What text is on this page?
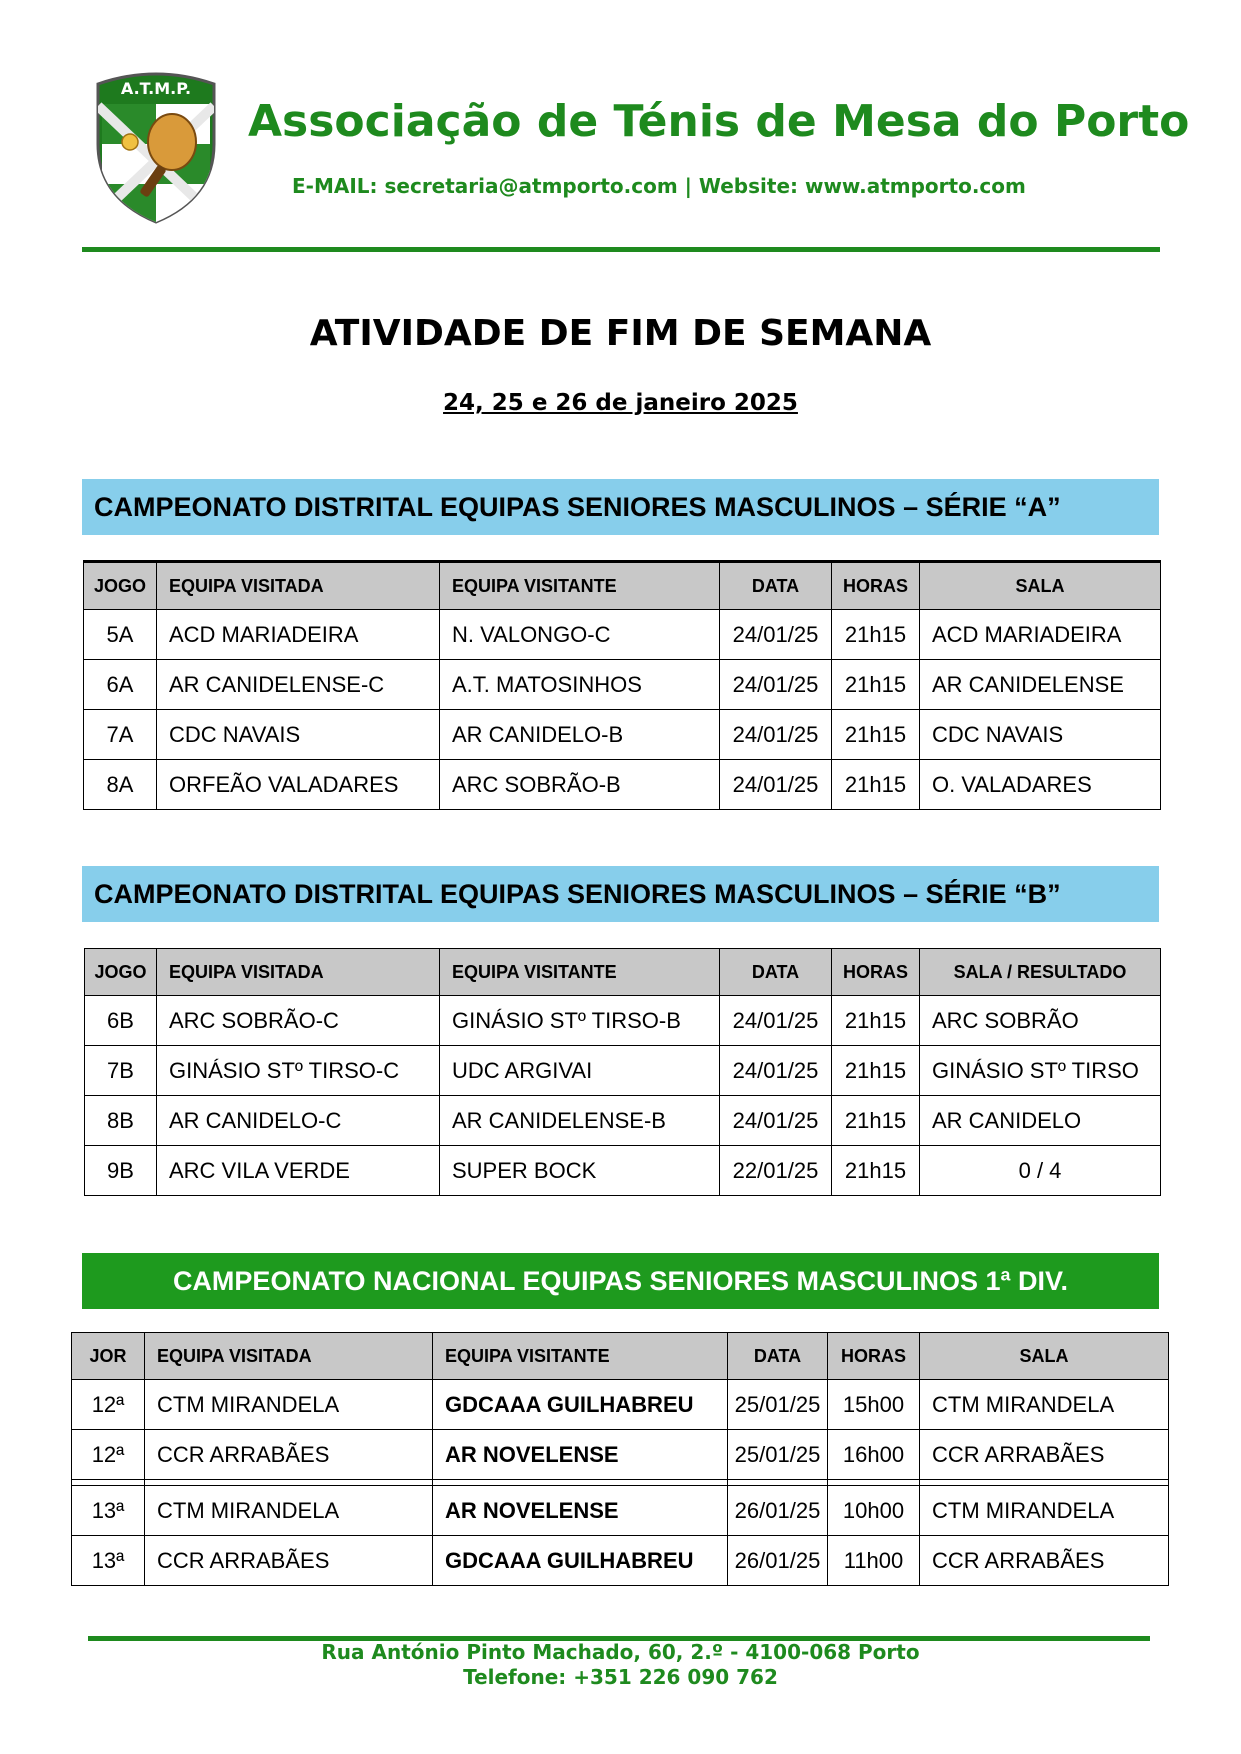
A.T.M.P.
Associação de Ténis de Mesa do Porto
E-MAIL: secretaria@atmporto.com | Website: www.atmporto.com
ATIVIDADE DE FIM DE SEMANA
24, 25 e 26 de janeiro 2025
CAMPEONATO DISTRITAL EQUIPAS SENIORES MASCULINOS – SÉRIE “A”
JOGO	EQUIPA VISITADA	EQUIPA VISITANTE	DATA	HORAS	SALA
5A	ACD MARIADEIRA	N. VALONGO-C	24/01/25	21h15	ACD MARIADEIRA
6A	AR CANIDELENSE-C	A.T. MATOSINHOS	24/01/25	21h15	AR CANIDELENSE
7A	CDC NAVAIS	AR CANIDELO-B	24/01/25	21h15	CDC NAVAIS
8A	ORFEÃO VALADARES	ARC SOBRÃO-B	24/01/25	21h15	O. VALADARES
CAMPEONATO DISTRITAL EQUIPAS SENIORES MASCULINOS – SÉRIE “B”
JOGO	EQUIPA VISITADA	EQUIPA VISITANTE	DATA	HORAS	SALA / RESULTADO
6B	ARC SOBRÃO-C	GINÁSIO STº TIRSO-B	24/01/25	21h15	ARC SOBRÃO
7B	GINÁSIO STº TIRSO-C	UDC ARGIVAI	24/01/25	21h15	GINÁSIO STº TIRSO
8B	AR CANIDELO-C	AR CANIDELENSE-B	24/01/25	21h15	AR CANIDELO
9B	ARC VILA VERDE	SUPER BOCK	22/01/25	21h15	0 / 4
CAMPEONATO NACIONAL EQUIPAS SENIORES MASCULINOS 1ª DIV.
JOR	EQUIPA VISITADA	EQUIPA VISITANTE	DATA	HORAS	SALA
12ª	CTM MIRANDELA	GDCAAA GUILHABREU	25/01/25	15h00	CTM MIRANDELA
12ª	CCR ARRABÃES	AR NOVELENSE	25/01/25	16h00	CCR ARRABÃES

13ª	CTM MIRANDELA	AR NOVELENSE	26/01/25	10h00	CTM MIRANDELA
13ª	CCR ARRABÃES	GDCAAA GUILHABREU	26/01/25	11h00	CCR ARRABÃES
Rua António Pinto Machado, 60, 2.º - 4100-068 Porto
Telefone: +351 226 090 762
